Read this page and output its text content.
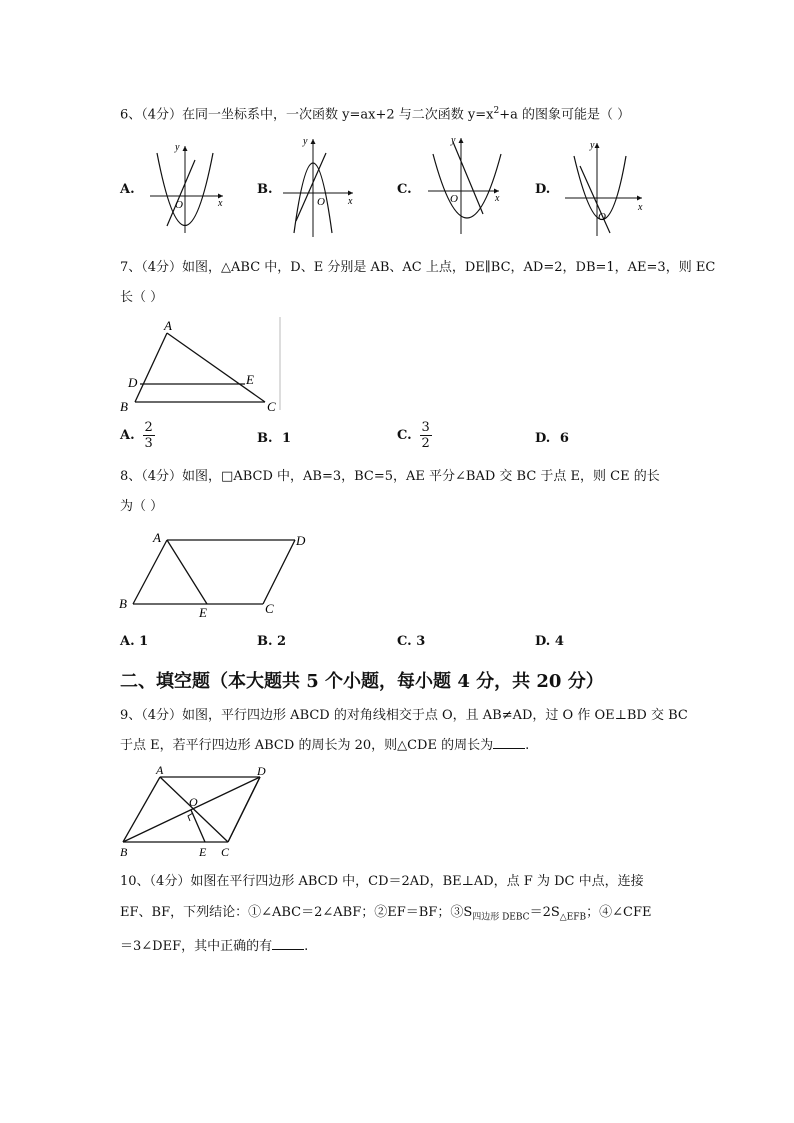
6、（4分）在同一坐标系中，一次函数 y=ax+2 与二次函数 $y=x^2+a$ 的图象可能是（ ）
A.	B.	C.	D.
y
x
O
y
x
O
y
x
O
y
x
O
7、（4分）如图，△ABC 中，D、E 分别是 AB、AC 上点，DE∥BC，AD=2，DB=1，AE=3，则 EC
长（ ）
A
D	E
B	C
A. $\frac{2}{3}$	B. 1	C. $\frac{3}{2}$	D. 6
8、（4分）如图，□ABCD 中，AB=3，BC=5，AE 平分∠BAD 交 BC 于点 E，则 CE 的长
为（ ）
A	D
B
E	C
A. 1	B. 2	C. 3	D. 4
二、填空题（本大题共 5 个小题，每小题 4 分，共 20 分）
9、（4分）如图，平行四边形 ABCD 的对角线相交于点 O，且 AB≠AD，过 O 作 OE⊥BD 交 BC
于点 E，若平行四边形 ABCD 的周长为 20，则△CDE 的周长为 .
A	D
O
B	E C
10、（4分）如图在平行四边形 ABCD 中，CD＝2AD，BE⊥AD，点 F 为 DC 中点，连接
EF、BF，下列结论：①∠ABC＝2∠ABF；②EF＝BF；$③S_{四边形 DEBC}=2S_{\triangle EFB}$；④∠CFE
＝3∠DEF，其中正确的有 .
